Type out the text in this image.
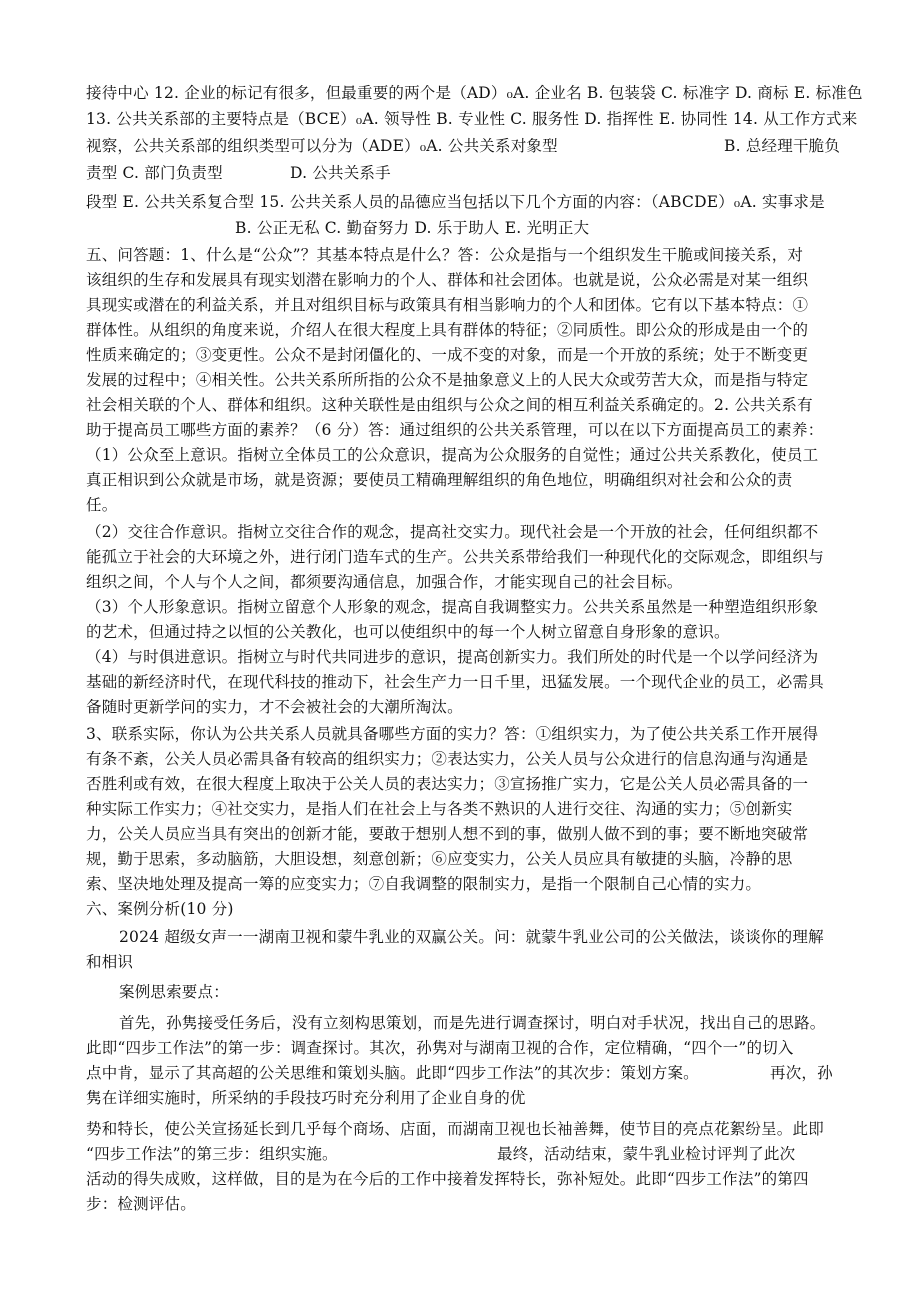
接待中心 12. 企业的标记有很多，但最重要的两个是（AD）₀A. 企业名 B. 包装袋 C. 标准字 D. 商标 E. 标准色
13. 公共关系部的主要特点是（BCE）₀A. 领导性 B. 专业性 C. 服务性 D. 指挥性 E. 协同性 14. 从工作方式来
视察，公共关系部的组织类型可以分为（ADE）₀A. 公共关系对象型	B. 总经理干脆负
责型 C. 部门负责型	D. 公共关系手
段型 E. 公共关系复合型 15. 公共关系人员的品德应当包括以下几个方面的内容：（ABCDE）₀A. 实事求是
B. 公正无私 C. 勤奋努力 D. 乐于助人 E. 光明正大
五、问答题：1、什么是“公众”？其基本特点是什么？答：公众是指与一个组织发生干脆或间接关系，对
该组织的生存和发展具有现实划潜在影响力的个人、群体和社会团体。也就是说，公众必需是对某一组织
具现实或潜在的利益关系，并且对组织目标与政策具有相当影响力的个人和团体。它有以下基本特点：①
群体性。从组织的角度来说，介绍人在很大程度上具有群体的特征；②同质性。即公众的形成是由一个的
性质来确定的；③变更性。公众不是封闭僵化的、一成不变的对象，而是一个开放的系统；处于不断变更
发展的过程中；④相关性。公共关系所所指的公众不是抽象意义上的人民大众或劳苦大众，而是指与特定
社会相关联的个人、群体和组织。这种关联性是由组织与公众之间的相互利益关系确定的。2. 公共关系有
助于提高员工哪些方面的素养？（6 分）答：通过组织的公共关系管理，可以在以下方面提高员工的素养：
（1）公众至上意识。指树立全体员工的公众意识，提高为公众服务的自觉性；通过公共关系教化，使员工
真正相识到公众就是市场，就是资源；要使员工精确理解组织的角色地位，明确组织对社会和公众的责
任。
（2）交往合作意识。指树立交往合作的观念，提高社交实力。现代社会是一个开放的社会，任何组织都不
能孤立于社会的大环境之外，进行闭门造车式的生产。公共关系带给我们一种现代化的交际观念，即组织与
组织之间，个人与个人之间，都须要沟通信息，加强合作，才能实现自己的社会目标。
（3）个人形象意识。指树立留意个人形象的观念，提高自我调整实力。公共关系虽然是一种塑造组织形象
的艺术，但通过持之以恒的公关教化，也可以使组织中的每一个人树立留意自身形象的意识。
（4）与时俱进意识。指树立与时代共同进步的意识，提高创新实力。我们所处的时代是一个以学问经济为
基础的新经济时代，在现代科技的推动下，社会生产力一日千里，迅猛发展。一个现代企业的员工，必需具
备随时更新学问的实力，才不会被社会的大潮所淘汰。
3、联系实际，你认为公共关系人员就具备哪些方面的实力？答：①组织实力，为了使公共关系工作开展得
有条不紊，公关人员必需具备有较高的组织实力；②表达实力，公关人员与公众进行的信息沟通与沟通是
否胜利或有效，在很大程度上取决于公关人员的表达实力；③宣扬推广实力，它是公关人员必需具备的一
种实际工作实力；④社交实力，是指人们在社会上与各类不熟识的人进行交往、沟通的实力；⑤创新实
力，公关人员应当具有突出的创新才能，要敢于想别人想不到的事，做别人做不到的事；要不断地突破常
规，勤于思索，多动脑筋，大胆设想，刻意创新；⑥应变实力，公关人员应具有敏捷的头脑，冷静的思
索、坚决地处理及提高一筹的应变实力；⑦自我调整的限制实力，是指一个限制自己心情的实力。
六、案例分析(10 分)
2024 超级女声一一湖南卫视和蒙牛乳业的双赢公关。问：就蒙牛乳业公司的公关做法，谈谈你的理解
和相识
案例思索要点：
首先，孙隽接受任务后，没有立刻构思策划，而是先进行调查探讨，明白对手状况，找出自己的思路。
此即“四步工作法”的第一步：调查探讨。其次，孙隽对与湖南卫视的合作，定位精确，“四个一”的切入
点中肯，显示了其高超的公关思维和策划头脑。此即“四步工作法”的其次步：策划方案。	再次，孙
隽在详细实施时，所采纳的手段技巧时充分利用了企业自身的优
势和特长，使公关宣扬延长到几乎每个商场、店面，而湖南卫视也长袖善舞，使节目的亮点花絮纷呈。此即
“四步工作法”的第三步：组织实施。	最终，活动结束，蒙牛乳业检讨评判了此次
活动的得失成败，这样做，目的是为在今后的工作中接着发挥特长，弥补短处。此即“四步工作法”的第四
步：检测评估。
